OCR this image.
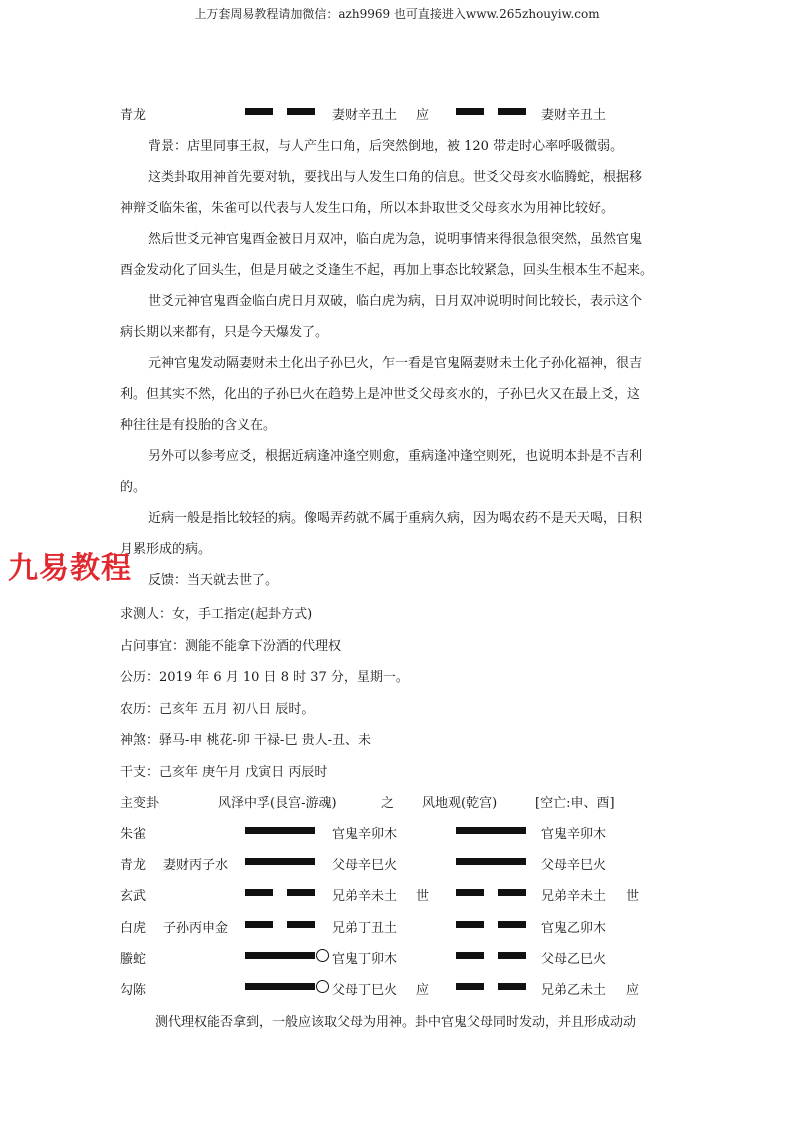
上万套周易教程请加微信：azh9969 也可直接进入www.265zhouyiw.com
青龙	妻财辛丑土 应	妻财辛丑土
背景：店里同事王叔，与人产生口角，后突然倒地，被 120 带走时心率呼吸微弱。
这类卦取用神首先要对轨，要找出与人发生口角的信息。世爻父母亥水临腾蛇，根据移
神辩爻临朱雀，朱雀可以代表与人发生口角，所以本卦取世爻父母亥水为用神比较好。
然后世爻元神官鬼酉金被日月双冲，临白虎为急，说明事情来得很急很突然，虽然官鬼
酉金发动化了回头生，但是月破之爻逢生不起，再加上事态比较紧急，回头生根本生不起来。
世爻元神官鬼酉金临白虎日月双破，临白虎为病，日月双冲说明时间比较长，表示这个
病长期以来都有，只是今天爆发了。
元神官鬼发动隔妻财未土化出子孙巳火，乍一看是官鬼隔妻财未土化子孙化福神，很吉
利。但其实不然，化出的子孙巳火在趋势上是冲世爻父母亥水的，子孙巳火又在最上爻，这
种往往是有投胎的含义在。
另外可以参考应爻，根据近病逢冲逢空则愈，重病逢冲逢空则死，也说明本卦是不吉利
的。
近病一般是指比较轻的病。像喝弄药就不属于重病久病，因为喝农药不是天天喝，日积
月累形成的病。
反馈：当天就去世了。
九易教程
求测人：女，手工指定(起卦方式)
占问事宜：测能不能拿下汾酒的代理权
公历：2019 年 6 月 10 日 8 时 37 分，星期一。
农历：己亥年 五月 初八日 辰时。
神煞：驿马-申 桃花-卯 干禄-巳 贵人-丑、未
干支：己亥年 庚午月 戊寅日 丙辰时
主变卦	风泽中孚(艮宫-游魂)	之 风地观(乾宫)	[空亡:申、酉]
朱雀	官鬼辛卯木	官鬼辛卯木
青龙 妻财丙子水	父母辛巳火	父母辛巳火
玄武	兄弟辛未土 世	兄弟辛未土 世
白虎 子孙丙申金	兄弟丁丑土	官鬼乙卯木
螣蛇	官鬼丁卯木	父母乙巳火
勾陈	父母丁巳火 应	兄弟乙未土 应
测代理权能否拿到，一般应该取父母为用神。卦中官鬼父母同时发动，并且形成动动
